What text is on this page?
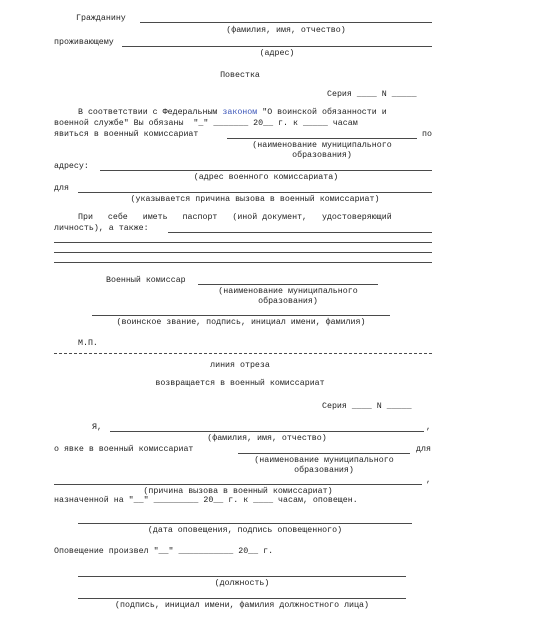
Гражданину
(фамилия, имя, отчество)
проживающему
(адрес)
Повестка
Серия ____ N _____
В соответствии с Федеральным законом "О воинской обязанности и
военной службе" Вы обязаны  "_" _______ 20__ г. к _____ часам
явиться в военный комиссариат	по
(наименование муниципального
образования)
адресу:
(адрес военного комиссариата)
для
(указывается причина вызова в военный комиссариат)
При   себе   иметь   паспорт   (иной документ,   удостоверяющий
личность), а также:
Военный комиссар
(наименование муниципального
образования)
(воинское звание, подпись, инициал имени, фамилия)
М.П.
линия отреза
возвращается в военный комиссариат
Серия ____ N _____
Я,	,
(фамилия, имя, отчество)
о явке в военный комиссариат	для
(наименование муниципального
образования)
,
(причина вызова в военный комиссариат)
назначенной на "__" _________ 20__ г. к ____ часам, оповещен.
(дата оповещения, подпись оповещенного)
Оповещение произвел "__" ___________ 20__ г.
(должность)
(подпись, инициал имени, фамилия должностного лица)
